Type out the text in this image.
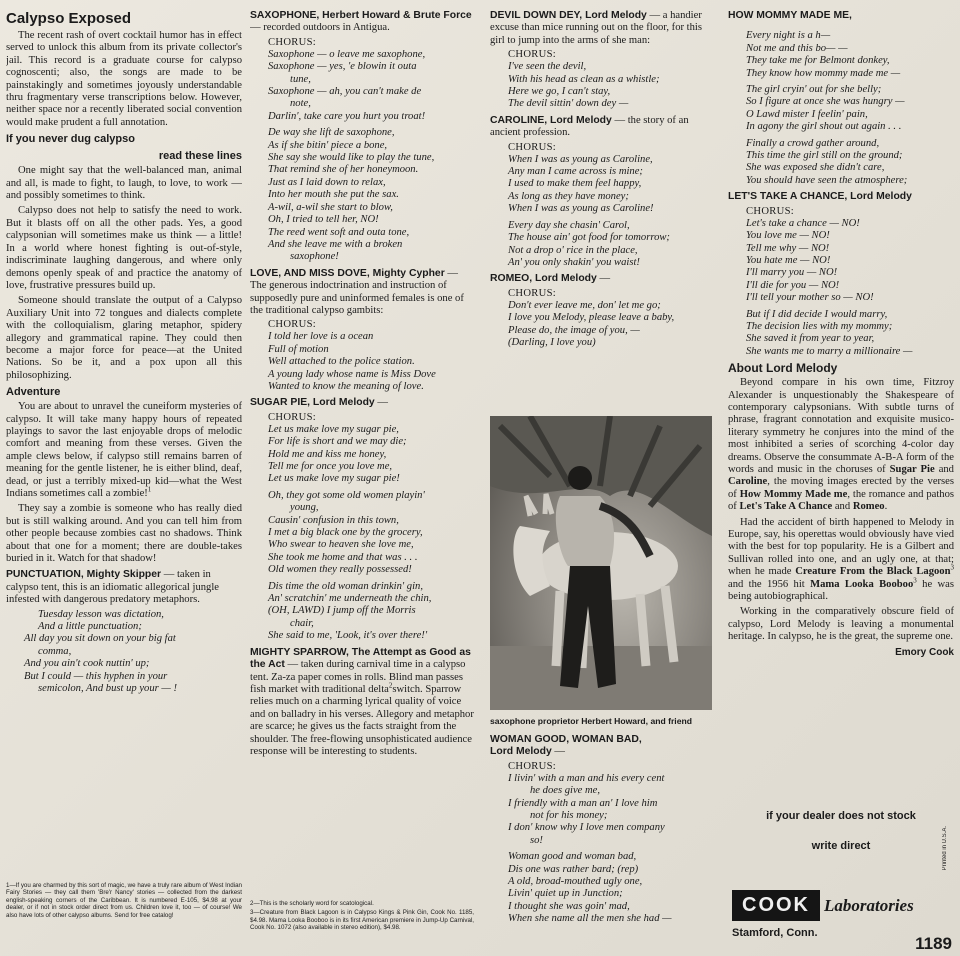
Calypso Exposed

The recent rash of overt cocktail humor has in effect served to unlock this album from its private collector's jail. This record is a graduate course for calypso cognoscenti; also, the songs are made to be painstakingly and sometimes joyously understandable thru fragmentary verse transcriptions below. However, neither space nor a recently liberated social convention would make prudent a full annotation.

If you never dug calypso
read these lines

One might say that the well-balanced man, animal and all, is made to fight, to laugh, to love, to work — and possibly sometimes to think.

Calypso does not help to satisfy the need to work. But it blasts off on all the other pads. Yes, a good calypsonian will sometimes make us think — a little! In a world where honest fighting is out-of-style, indiscriminate laughing dangerous, and where only demons openly speak of and practice the anatomy of love, frustrative pressures build up.

Someone should translate the output of a Calypso Auxiliary Unit into 72 tongues and dialects complete with the colloquialism, glaring metaphor, spidery allegory and grammatical rapine. They could then become a major force for peace—at the United Nations. So be it, and a pox upon all this philosophizing.

Adventure

You are about to unravel the cuneiform mysteries of calypso. It will take many happy hours of repeated playings to savor the last enjoyable drops of melodic comfort and meaning from these verses. Given the ample clews below, if calypso still remains barren of meaning for the gentle listener, he is either blind, deaf, dead, or just a terribly mixed-up kid—what the West Indians sometimes call a zombie!$^1$

They say a zombie is someone who has really died but is still walking around. And you can tell him from other people because zombies cast no shadows. Think about that one for a moment; there are double-takes buried in it. Watch for that shadow!

PUNCTUATION, Mighty Skipper — taken in calypso tent, this is an idiomatic allegorical jungle infested with dangerous predatory metaphors.
Tuesday lesson was dictation,
And a little punctuation;
All day you sit down on your big fat
comma,
And you ain't cook nuttin' up;
But I could — this hyphen in your
semicolon, And bust up your — !

1—If you are charmed by this sort of magic, we have a truly rare album of West Indian Fairy Stories — they call them 'Bre'r Nancy' stories — collected from the darkest english-speaking corners of the Caribbean. It is numbered E-105, $4.98 at your dealer, or if not in stock order direct from us. Children love it, too — of course! We also have lots of other calypso albums. Send for free catalog!

SAXOPHONE, Herbert Howard & Brute Force — recorded outdoors in Antigua.
CHORUS:
Saxophone — o leave me saxophone,
Saxophone — yes, 'e blowin it outa
tune,
Saxophone — ah, you can't make de
note,
Darlin', take care you hurt you troat!
De way she lift de saxophone,
As if she bitin' piece a bone,
She say she would like to play the tune,
That remind she of her honeymoon.
Just as I laid down to relax,
Into her mouth she put the sax.
A-wil, a-wil she start to blow,
Oh, I tried to tell her, NO!
The reed went soft and outa tone,
And she leave me with a broken
saxophone!
LOVE, AND MISS DOVE, Mighty Cypher — The generous indoctrination and instruction of supposedly pure and uninformed females is one of the traditional calypso gambits:
CHORUS:
I told her love is a ocean
Full of motion
Well attached to the police station.
A young lady whose name is Miss Dove
Wanted to know the meaning of love.
SUGAR PIE, Lord Melody —
CHORUS:
Let us make love my sugar pie,
For life is short and we may die;
Hold me and kiss me honey,
Tell me for once you love me,
Let us make love my sugar pie!
Oh, they got some old women playin'
young,
Causin' confusion in this town,
I met a big black one by the grocery,
Who swear to heaven she love me,
She took me home and that was . . .
Old women they really possessed!
Dis time the old woman drinkin' gin,
An' scratchin' me underneath the chin,
(OH, LAWD) I jump off the Morris
chair,
She said to me, 'Look, it's over there!'
MIGHTY SPARROW, The Attempt as Good as the Act — taken during carnival time in a calypso tent. Za-za paper comes in rolls. Blind man passes fish market with traditional delta$^2$switch. Sparrow relies much on a charming lyrical quality of voice and on balladry in his verses. Allegory and metaphor are scarce; he gives us the facts straight from the shoulder. The free-flowing unsophisticated audience response will be interesting to students.

2—This is the scholarly word for scatological.

3—Creature from Black Lagoon is in Calypso Kings & Pink Gin, Cook No. 1185, $4.98. Mama Looka Booboo is in its first American premiere in Jump-Up Carnival, Cook No. 1072 (also available in stereo edition), $4.98.

DEVIL DOWN DEY, Lord Melody — a handier excuse than mice running out on the floor, for this girl to jump into the arms of she man:
CHORUS:
I've seen the devil,
With his head as clean as a whistle;
Here we go, I can't stay,
The devil sittin' down dey —
CAROLINE, Lord Melody — the story of an ancient profession.
CHORUS:
When I was as young as Caroline,
Any man I came across is mine;
I used to make them feel happy,
As long as they have money;
When I was as young as Caroline!
Every day she chasin' Carol,
The house ain' got food for tomorrow;
Not a drop o' rice in the place,
An' you only shakin' you waist!
ROMEO, Lord Melody —
CHORUS:
Don't ever leave me, don' let me go;
I love you Melody, please leave a baby,
Please do, the image of you, —
(Darling, I love you)
saxophone proprietor Herbert Howard, and friend
WOMAN GOOD, WOMAN BAD,
Lord Melody —
CHORUS:
I livin' with a man and his every cent
he does give me,
I friendly with a man an' I love him
not for his money;
I don' know why I love men company
so!
Woman good and woman bad,
Dis one was rather bard; (rep)
A old, broad-mouthed ugly one,
Livin' quiet up in Junction;
I thought she was goin' mad,
When she name all the men she had —
HOW MOMMY MADE ME,
Every night is a h—
Not me and this bo— —
They take me for Belmont donkey,
They know how mommy made me —
The girl cryin' out for she belly;
So I figure at once she was hungry —
O Lawd mister I feelin' pain,
In agony the girl shout out again . . .
Finally a crowd gather around,
This time the girl still on the ground;
She was exposed she didn't care,
You should have seen the atmosphere;
LET'S TAKE A CHANCE, Lord Melody
CHORUS:
Let's take a chance — NO!
You love me — NO!
Tell me why — NO!
You hate me — NO!
I'll marry you — NO!
I'll die for you — NO!
I'll tell your mother so — NO!
But if I did decide I would marry,
The decision lies with my mommy;
She saved it from year to year,
She wants me to marry a millionaire —
About Lord Melody

Beyond compare in his own time, Fitzroy Alexander is unquestionably the Shakespeare of contemporary calypsonians. With subtle turns of phrase, fragrant connotation and exquisite musico-literary symmetry he conjures into the mind of the most inhibited a series of scorching 4-color day dreams. Observe the consummate A-B-A form of the words and music in the choruses of Sugar Pie and Caroline, the moving images erected by the verses of How Mommy Made me, the romance and pathos of Let's Take A Chance and Romeo.

Had the accident of birth happened to Melody in Europe, say, his operettas would obviously have vied with the best for top popularity. He is a Gilbert and Sullivan rolled into one, and an ugly one, at that; when he made Creature From the Black Lagoon$^3$ and the 1956 hit Mama Looka Booboo$^3$ he was being autobiographical.

Working in the comparatively obscure field of calypso, Lord Melody is leaving a monumental heritage. In calypso, he is the great, the supreme one.

Emory Cook
if your dealer does not stock
write direct	Printed in U.S.A.
COOK Laboratories
Stamford, Conn.
1189
